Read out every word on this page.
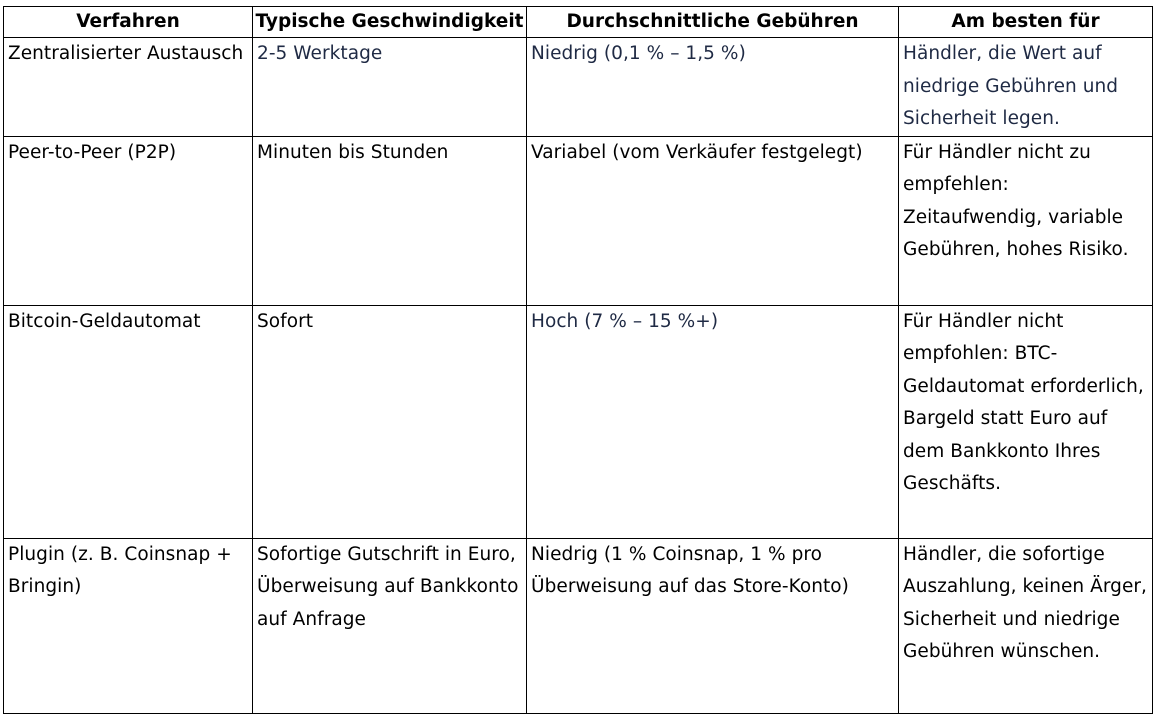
Verfahren	Typische Geschwindigkeit	Durchschnittliche Gebühren	Am besten für
Zentralisierter Austausch	2-5 Werktage	Niedrig (0,1 % – 1,5 %)	Händler, die Wert auf niedrige Gebühren und Sicherheit legen.
Peer-to-Peer (P2P)	Minuten bis Stunden	Variabel (vom Verkäufer festgelegt)	Für Händler nicht zu empfehlen: Zeitaufwendig, variable Gebühren, hohes Risiko.
Bitcoin-Geldautomat	Sofort	Hoch (7 % – 15 %+)	Für Händler nicht empfohlen: BTC-Geldautomat erforderlich, Bargeld statt Euro auf dem Bankkonto Ihres Geschäfts.
Plugin (z. B. Coinsnap + Bringin)	Sofortige Gutschrift in Euro, Überweisung auf Bankkonto auf Anfrage	Niedrig (1 % Coinsnap, 1 % pro Überweisung auf das Store-Konto)	Händler, die sofortige Auszahlung, keinen Ärger, Sicherheit und niedrige Gebühren wünschen.
